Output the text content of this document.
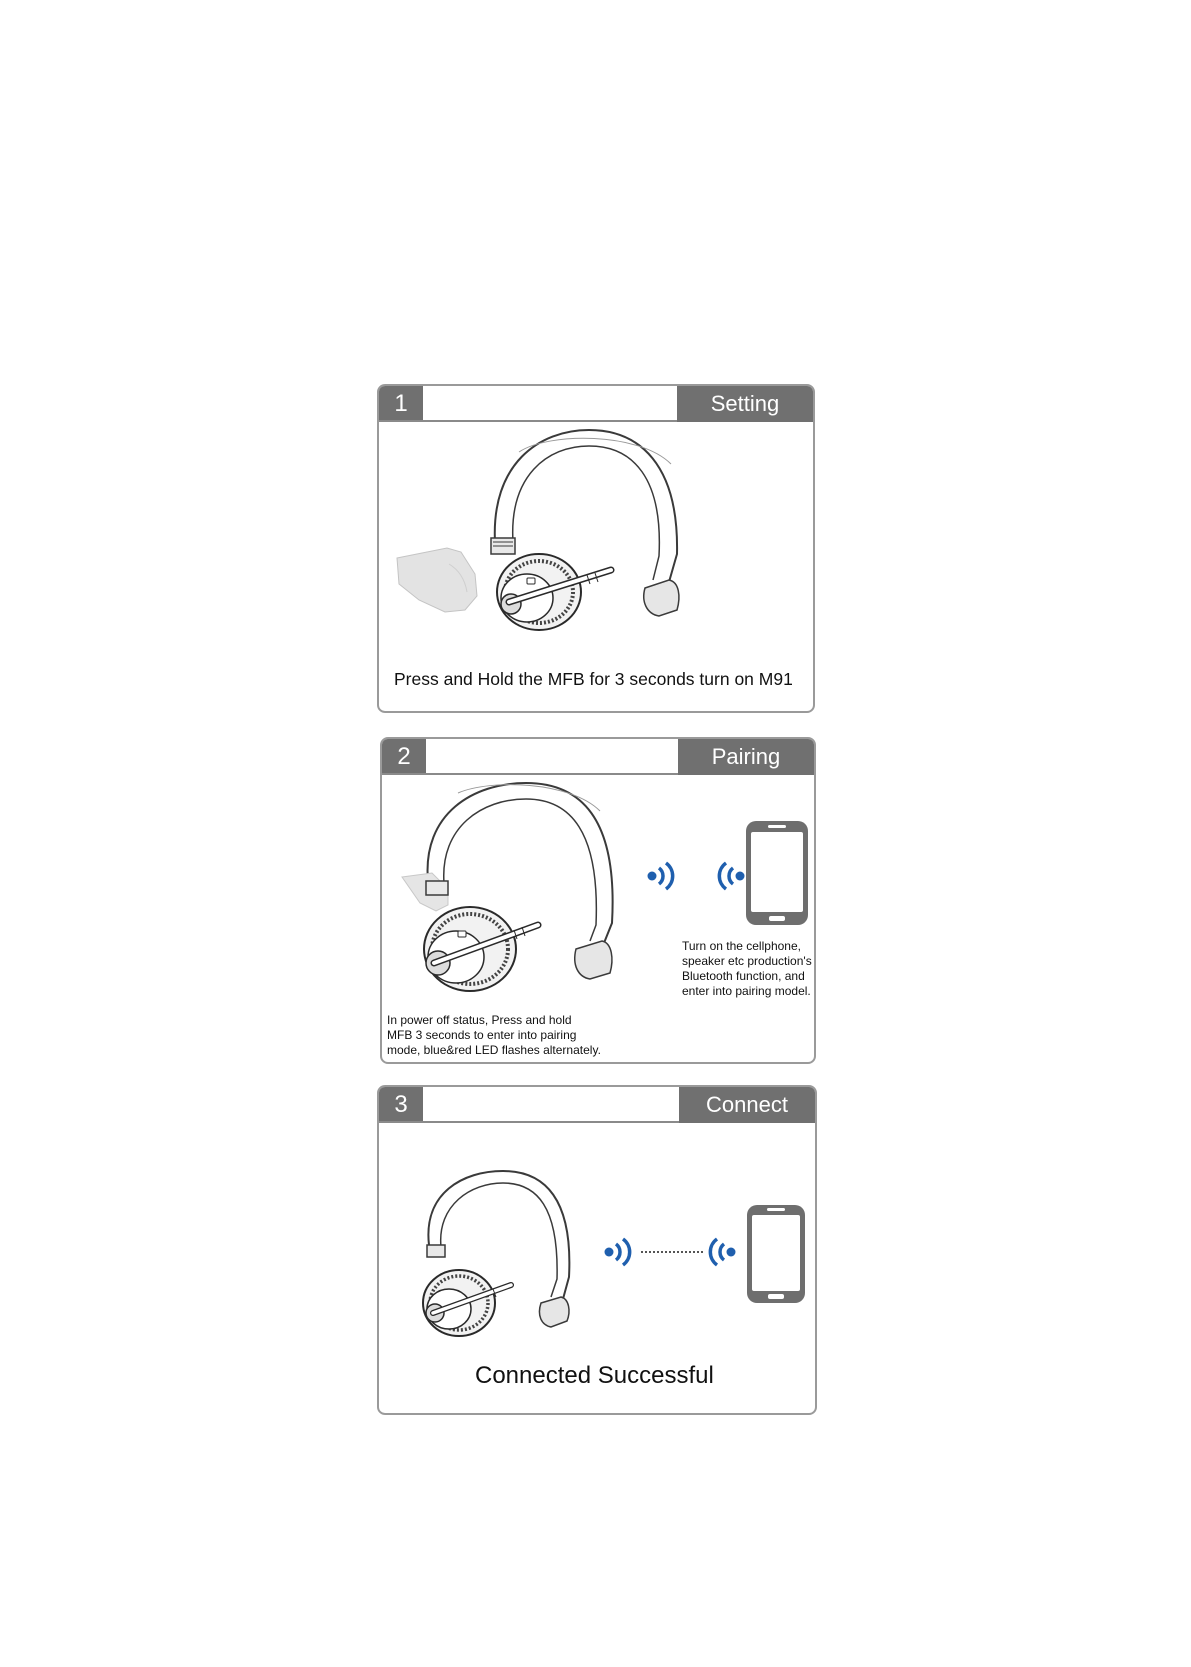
1	Setting

Press and Hold the MFB for 3 seconds turn on M91

2	Pairing

Turn on the cellphone,
speaker etc production's
Bluetooth function, and
enter into pairing model.

In power off status, Press and hold
MFB 3 seconds to enter into pairing
mode, blue&red LED flashes alternately.

3	Connect

Connected Successful
